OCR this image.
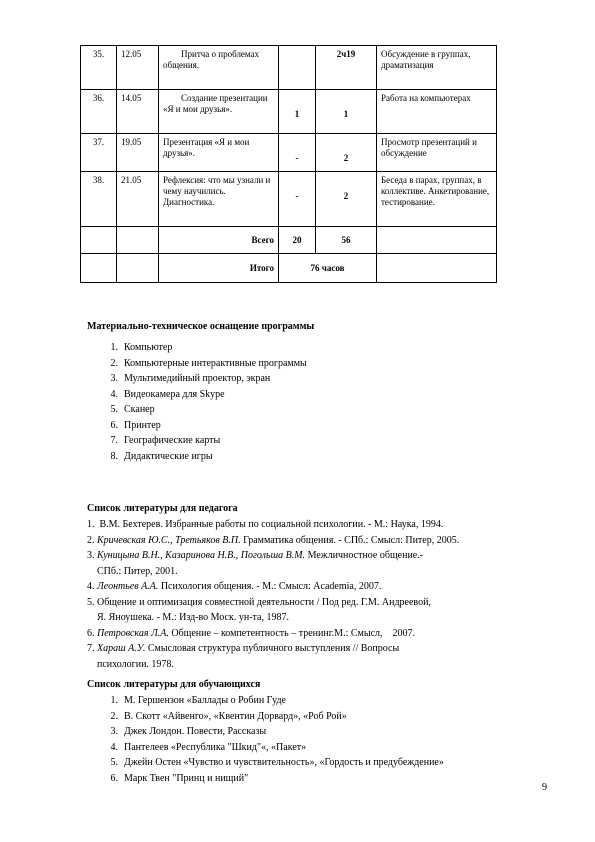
35.	12.05	Притча о проблемах общения.		2ч19	Обсуждение в группах, драматизация
36.	14.05	Создание презентации «Я и мои друзья».	1	1	Работа на компьютерах
37.	19.05	Презентация «Я и мои друзья».	-	2	Просмотр презентаций и обсуждение
38.	21.05	Рефлексия: что мы узнали и чему научились. Диагностика.	-	2	Беседа в парах, группах, в коллективе. Анкетирование, тестирование.
		Всего	20	56	
		Итого	76 часов		
Материально-техническое оснащение программы
1. Компьютер
2. Компьютерные интерактивные программы
3. Мультимедийный проектор, экран
4. Видеокамера для Skype
5. Сканер
6. Принтер
7. Географические карты
8. Дидактические игры
Список литературы для педагога
1. В.М. Бехтерев. Избранные работы по социальной психологии. - М.: Наука, 1994.
2. Кричевская Ю.С., Третьяков В.П. Грамматика общения. - СПб.: Смысл: Питер, 2005.
3. Куницына В.Н., Казаринова Н.В., Погольша В.М. Межличностное общение.-
СПб.: Питер, 2001.
4. Леонтьев А.А. Психология общения. - М.: Смысл: Academia, 2007.
5. Общение и оптимизация совместной деятельности / Под ред. Г.М. Андреевой,
Я. Яноушека. - М.: Изд-во Моск. ун-та, 1987.
6. Петровская Л.А. Общение – компетентность – тренинг.М.: Смысл,    2007.
7. Хараш А.У. Смысловая структура публичного выступления // Вопросы
психологии. 1978.
Список литературы для обучающихся
1. М. Гершензон «Баллады о Робин Гуде
2. В. Скотт «Айвенго», «Квентин Дорвард», «Роб Рой»
3. Джек Лондон. Повести, Рассказы
4. Пантелеев «Республика "Шкид"«, «Пакет»
5. Джейн Остен «Чувство и чувствительность», «Гордость и предубеждение»
6. Марк Твен "Принц и нищий"
9
